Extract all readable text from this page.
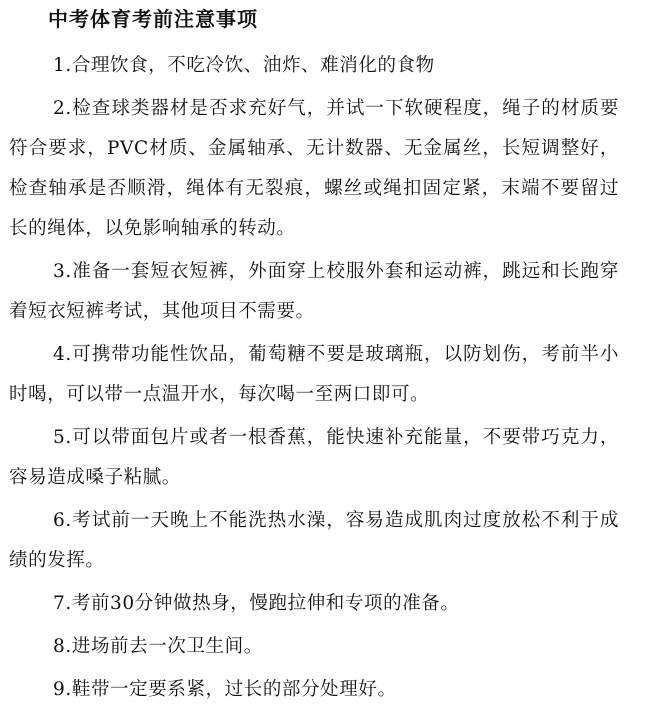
中考体育考前注意事项

1.合理饮食，不吃冷饮、油炸、难消化的食物

2.检查球类器材是否求充好气，并试一下软硬程度，绳子的材质要符合要求，PVC材质、金属轴承、无计数器、无金属丝，长短调整好，检查轴承是否顺滑，绳体有无裂痕，螺丝或绳扣固定紧，末端不要留过长的绳体，以免影响轴承的转动。

3.准备一套短衣短裤，外面穿上校服外套和运动裤，跳远和长跑穿着短衣短裤考试，其他项目不需要。

4.可携带功能性饮品，葡萄糖不要是玻璃瓶，以防划伤，考前半小时喝，可以带一点温开水，每次喝一至两口即可。

5.可以带面包片或者一根香蕉，能快速补充能量，不要带巧克力，容易造成嗓子粘腻。

6.考试前一天晚上不能洗热水澡，容易造成肌肉过度放松不利于成绩的发挥。

7.考前30分钟做热身，慢跑拉伸和专项的准备。

8.进场前去一次卫生间。

9.鞋带一定要系紧，过长的部分处理好。
